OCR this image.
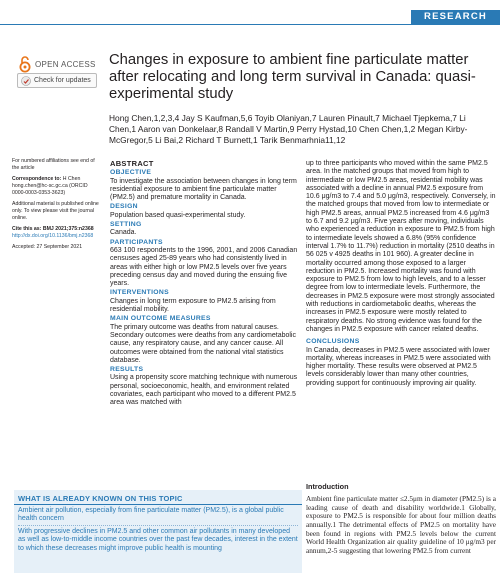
RESEARCH
OPEN ACCESS
Check for updates
Changes in exposure to ambient fine particulate matter after relocating and long term survival in Canada: quasi-experimental study
Hong Chen,1,2,3,4 Jay S Kaufman,5,6 Toyib Olaniyan,7 Lauren Pinault,7 Michael Tjepkema,7 Li Chen,1 Aaron van Donkelaar,8 Randall V Martin,9 Perry Hystad,10 Chen Chen,1,2 Megan Kirby-McGregor,5 Li Bai,2 Richard T Burnett,1 Tarik Benmarhnia11,12

For numbered affiliations see end of the article

Correspondence to: H Chen hong.chen@hc-sc.gc.ca (ORCID 0000-0003-0353-3623)

Additional material is published online only. To view please visit the journal online.

Cite this as: BMJ 2021;375:n2368
http://dx.doi.org/10.1136/bmj.n2368

Accepted: 27 September 2021

ABSTRACT
OBJECTIVE
To investigate the association between changes in long term residential exposure to ambient fine particulate matter (PM2.5) and premature mortality in Canada.
DESIGN
Population based quasi-experimental study.
SETTING
Canada.
PARTICIPANTS
663 100 respondents to the 1996, 2001, and 2006 Canadian censuses aged 25-89 years who had consistently lived in areas with either high or low PM2.5 levels over five years preceding census day and moved during the ensuing five years.
INTERVENTIONS
Changes in long term exposure to PM2.5 arising from residential mobility.
MAIN OUTCOME MEASURES
The primary outcome was deaths from natural causes. Secondary outcomes were deaths from any cardiometabolic cause, any respiratory cause, and any cancer cause. All outcomes were obtained from the national vital statistics database.
RESULTS
Using a propensity score matching technique with numerous personal, socioeconomic, health, and environment related covariates, each participant who moved to a different PM2.5 area was matched with
up to three participants who moved within the same PM2.5 area. In the matched groups that moved from high to intermediate or low PM2.5 areas, residential mobility was associated with a decline in annual PM2.5 exposure from 10.6 μg/m3 to 7.4 and 5.0 μg/m3, respectively. Conversely, in the matched groups that moved from low to intermediate or high PM2.5 areas, annual PM2.5 increased from 4.6 μg/m3 to 6.7 and 9.2 μg/m3. Five years after moving, individuals who experienced a reduction in exposure to PM2.5 from high to intermediate levels showed a 6.8% (95% confidence interval 1.7% to 11.7%) reduction in mortality (2510 deaths in 56 025 v 4925 deaths in 101 960). A greater decline in mortality occurred among those exposed to a larger reduction in PM2.5. Increased mortality was found with exposure to PM2.5 from low to high levels, and to a lesser degree from low to intermediate levels. Furthermore, the decreases in PM2.5 exposure were most strongly associated with reductions in cardiometabolic deaths, whereas the increases in PM2.5 exposure were mostly related to respiratory deaths. No strong evidence was found for the changes in PM2.5 exposure with cancer related deaths.
CONCLUSIONS
In Canada, decreases in PM2.5 were associated with lower mortality, whereas increases in PM2.5 were associated with higher mortality. These results were observed at PM2.5 levels considerably lower than many other countries, providing support for continuously improving air quality.
Introduction
Ambient fine particulate matter ≤2.5μm in diameter (PM2.5) is a leading cause of death and disability worldwide.1 Globally, exposure to PM2.5 is responsible for about four million deaths annually.1 The detrimental effects of PM2.5 on mortality have been found in regions with PM2.5 levels below the current World Health Organization air quality guideline of 10 μg/m3 per annum,2-5 suggesting that lowering PM2.5 from current
WHAT IS ALREADY KNOWN ON THIS TOPIC
Ambient air pollution, especially from fine particulate matter (PM2.5), is a global public health concern
With progressive declines in PM2.5 and other common air pollutants in many developed as well as low-to-middle income countries over the past few decades, interest in the extent to which these decreases might improve public health is mounting
